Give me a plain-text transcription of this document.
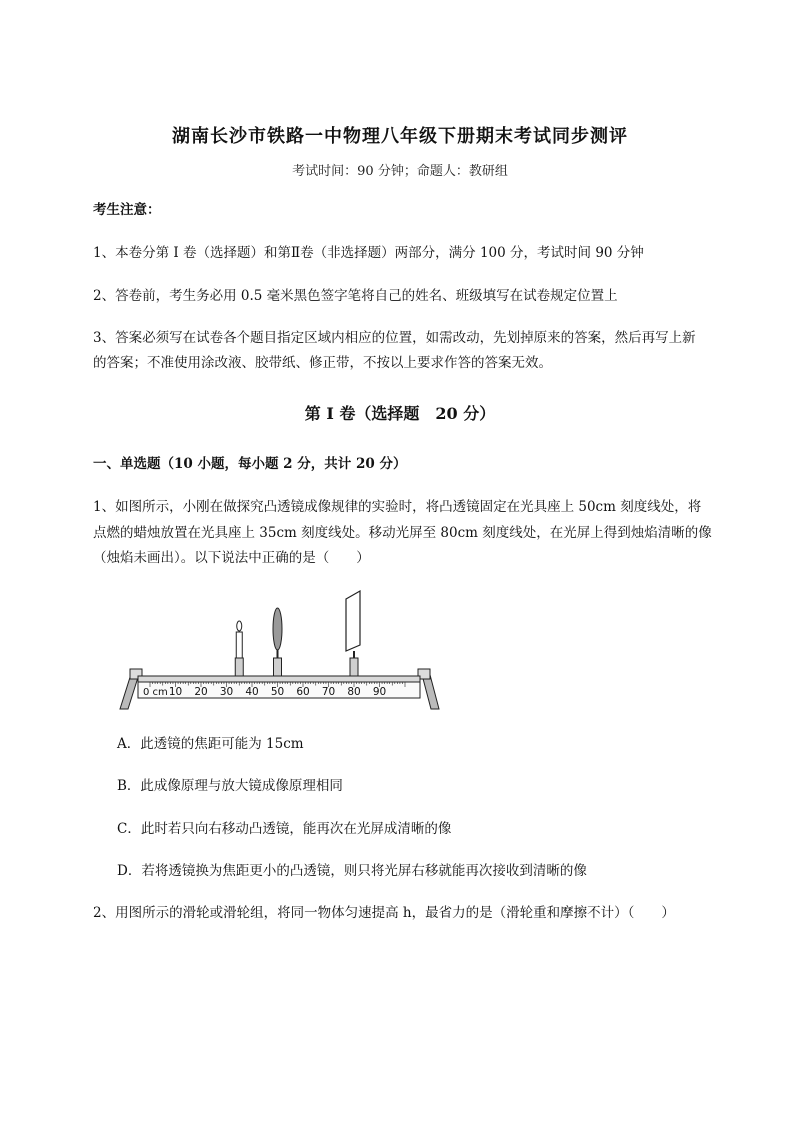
湖南长沙市铁路一中物理八年级下册期末考试同步测评
考试时间：90 分钟；命题人：教研组
考生注意：
1、本卷分第 I 卷（选择题）和第Ⅱ卷（非选择题）两部分，满分 100 分，考试时间 90 分钟
2、答卷前，考生务必用 0.5 毫米黑色签字笔将自己的姓名、班级填写在试卷规定位置上
3、答案必须写在试卷各个题目指定区域内相应的位置，如需改动，先划掉原来的答案，然后再写上新
的答案；不准使用涂改液、胶带纸、修正带，不按以上要求作答的答案无效。
第 I 卷（选择题　20 分）
一、单选题（10 小题，每小题 2 分，共计 20 分）
1、如图所示，小刚在做探究凸透镜成像规律的实验时，将凸透镜固定在光具座上 50cm 刻度线处，将
点燃的蜡烛放置在光具座上 35cm 刻度线处。移动光屏至 80cm 刻度线处，在光屏上得到烛焰清晰的像
（烛焰未画出）。以下说法中正确的是（　　）
0 cm 10 20 30 40 50 60 70 80 90
A．此透镜的焦距可能为 15cm
B．此成像原理与放大镜成像原理相同
C．此时若只向右移动凸透镜，能再次在光屏成清晰的像
D．若将透镜换为焦距更小的凸透镜，则只将光屏右移就能再次接收到清晰的像
2、用图所示的滑轮或滑轮组，将同一物体匀速提高 h，最省力的是（滑轮重和摩擦不计）（　　）
